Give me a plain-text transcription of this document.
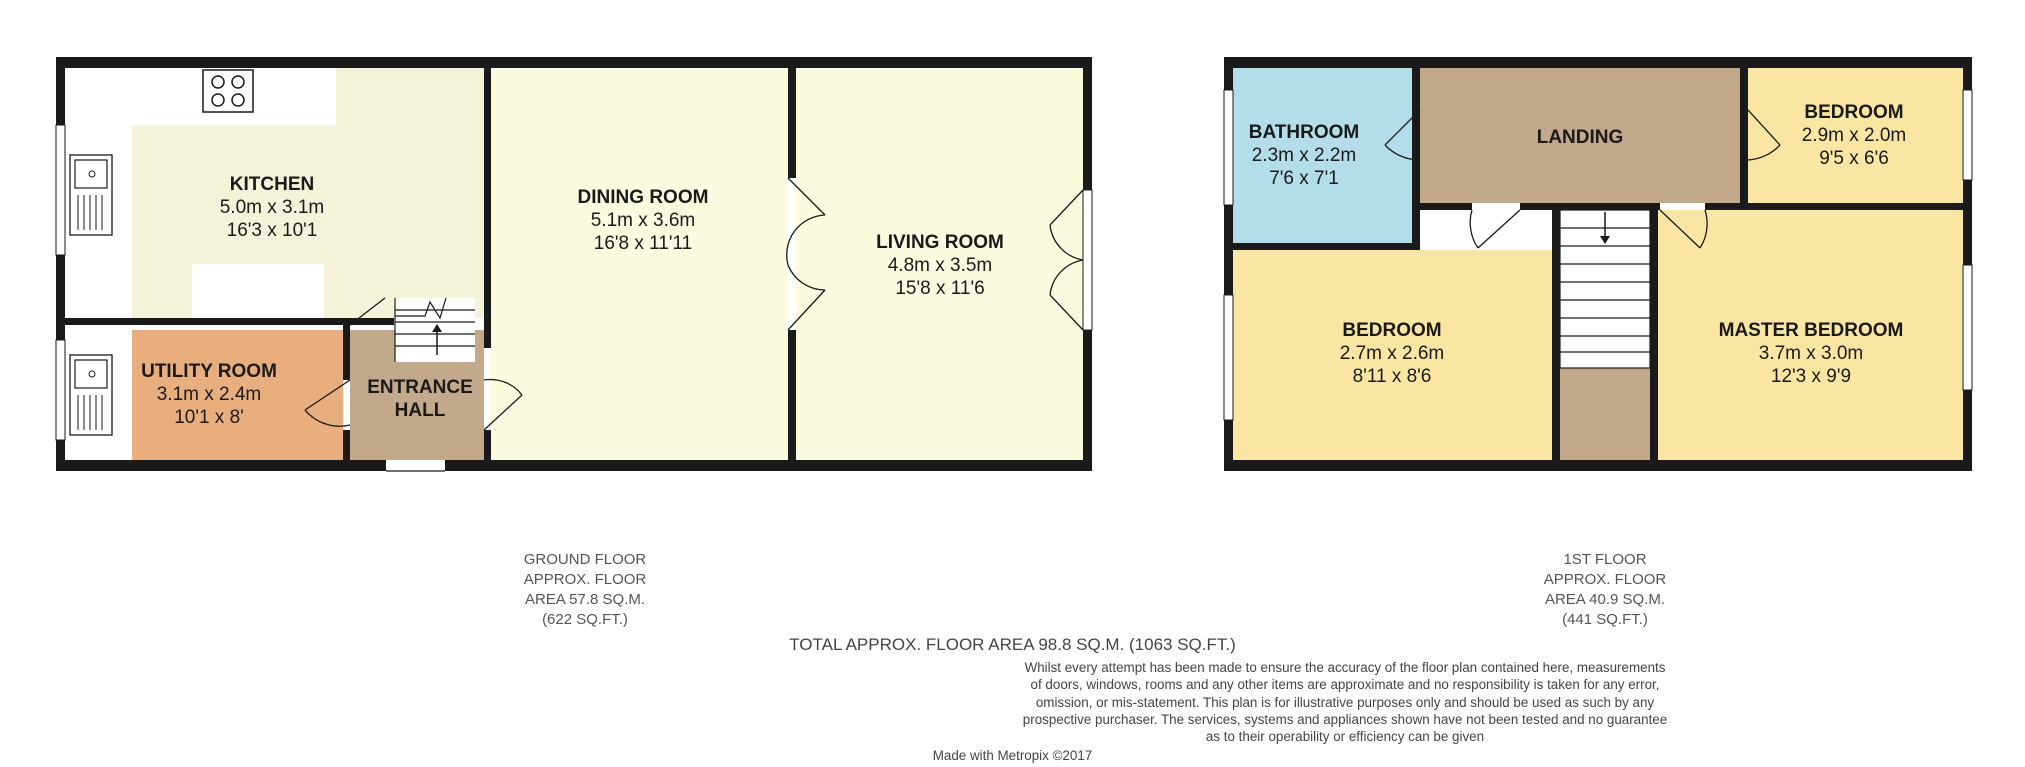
KITCHEN
5.0m x 3.1m
16'3 x 10'1
DINING ROOM
5.1m x 3.6m
16'8 x 11'11	LIVING ROOM
4.8m x 3.5m
15'8 x 11'6
UTILITY ROOM
3.1m x 2.4m
10'1 x 8'
ENTRANCE
HALL
BATHROOM
2.3m x 2.2m
7'6 x 7'1
LANDING
BEDROOM
2.9m x 2.0m
9'5 x 6'6
BEDROOM
2.7m x 2.6m
8'11 x 8'6
MASTER BEDROOM
3.7m x 3.0m
12'3 x 9'9
GROUND FLOOR
APPROX. FLOOR
AREA 57.8 SQ.M.
(622 SQ.FT.)
1ST FLOOR
APPROX. FLOOR
AREA 40.9 SQ.M.
(441 SQ.FT.)
TOTAL APPROX. FLOOR AREA 98.8 SQ.M. (1063 SQ.FT.)
Whilst every attempt has been made to ensure the accuracy of the floor plan contained here, measurements
of doors, windows, rooms and any other items are approximate and no responsibility is taken for any error,
omission, or mis-statement. This plan is for illustrative purposes only and should be used as such by any
prospective purchaser. The services, systems and appliances shown have not been tested and no guarantee
as to their operability or efficiency can be given
Made with Metropix ©2017
